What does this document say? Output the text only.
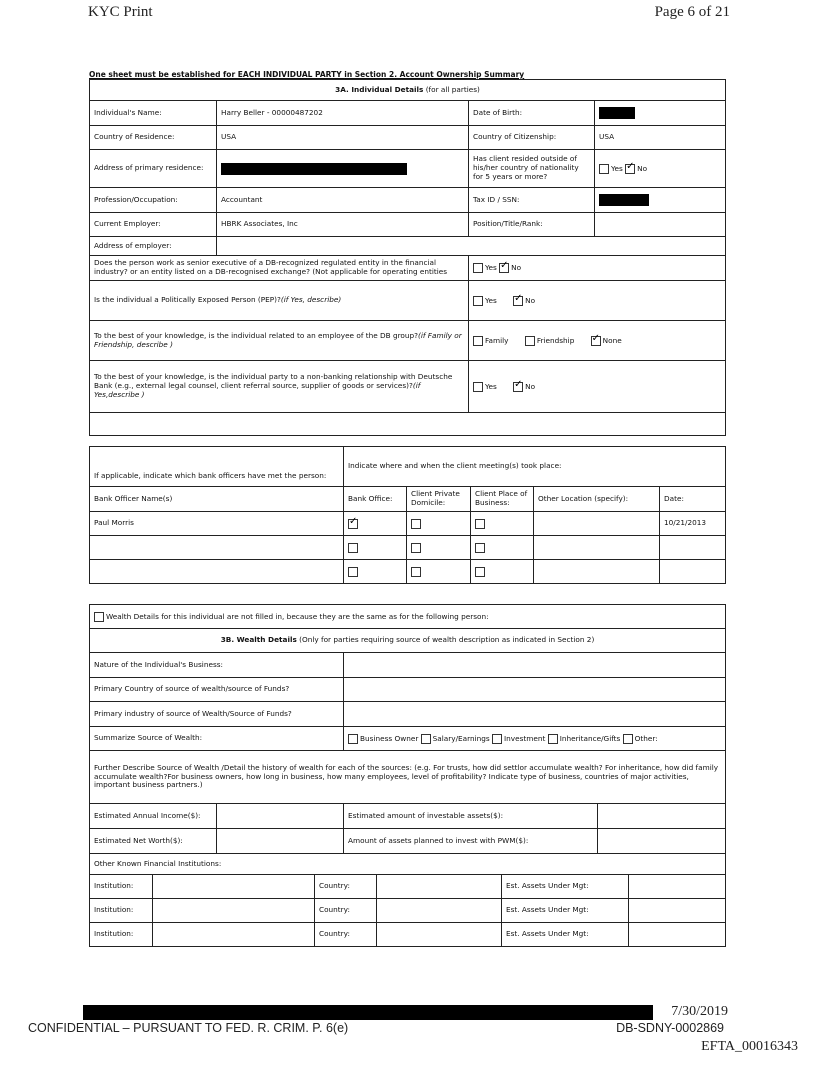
KYC Print	Page 6 of 21
One sheet must be established for EACH INDIVIDUAL PARTY in Section 2. Account Ownership Summary
3A. Individual Details (for all parties)			
Individual's Name:	Harry Beller - 00000487202	Date of Birth:	
Country of Residence:	USA	Country of Citizenship:	USA
Address of primary residence:		Has client resided outside of his/her country of nationality for 5 years or more?	Yes ✓ No
Profession/Occupation:	Accountant	Tax ID / SSN:	
Current Employer:	HBRK Associates, Inc	Position/Title/Rank:	
Address of employer:			
Does the person work as senior executive of a DB-recognized regulated entity in the financial industry? or an entity listed on a DB-recognised exchange? (Not applicable for operating entities		Yes ✓ No
Is the individual a Politically Exposed Person (PEP)?(if Yes, describe)		Yes ✓ No
To the best of your knowledge, is the individual related to an employee of the DB group?(if Family or Friendship, describe )		Family Friendship ✓ None
To the best of your knowledge, is the individual party to a non-banking relationship with Deutsche Bank (e.g., external legal counsel, client referral source, supplier of goods or services)?(if Yes,describe )		Yes ✓ No

If applicable, indicate which bank officers have met the person:	Indicate where and when the client meeting(s) took place:				
Bank Officer Name(s)	Bank Office:	Client Private Domicile:	Client Place of Business:	Other Location (specify):	Date:
Paul Morris	✓				10/21/2013

Wealth Details for this individual are not filled in, because they are the same as for the following person:			
3B. Wealth Details (Only for parties requiring source of wealth description as indicated in Section 2)			
Nature of the Individual's Business:			
Primary Country of source of wealth/source of Funds?			
Primary industry of source of Wealth/Source of Funds?			
Summarize Source of Wealth:		Business Owner Salary/Earnings Investment Inheritance/Gifts Other:	
Further Describe Source of Wealth /Detail the history of wealth for each of the sources: (e.g. For trusts, how did settlor accumulate wealth? For inheritance, how did family accumulate wealth?For business owners, how long in business, how many employees, level of profitability? Indicate type of business, countries of major activities, important business partners.)			
Estimated Annual Income($):		Estimated amount of investable assets($):	
Estimated Net Worth($):		Amount of assets planned to invest with PWM($):	
Other Known Financial Institutions:					
Institution:		Country:		Est. Assets Under Mgt:	
Institution:		Country:		Est. Assets Under Mgt:	
Institution:		Country:		Est. Assets Under Mgt:	
CONFIDENTIAL – PURSUANT TO FED. R. CRIM. P. 6(e)
7/30/2019
DB-SDNY-0002869
EFTA_00016343
